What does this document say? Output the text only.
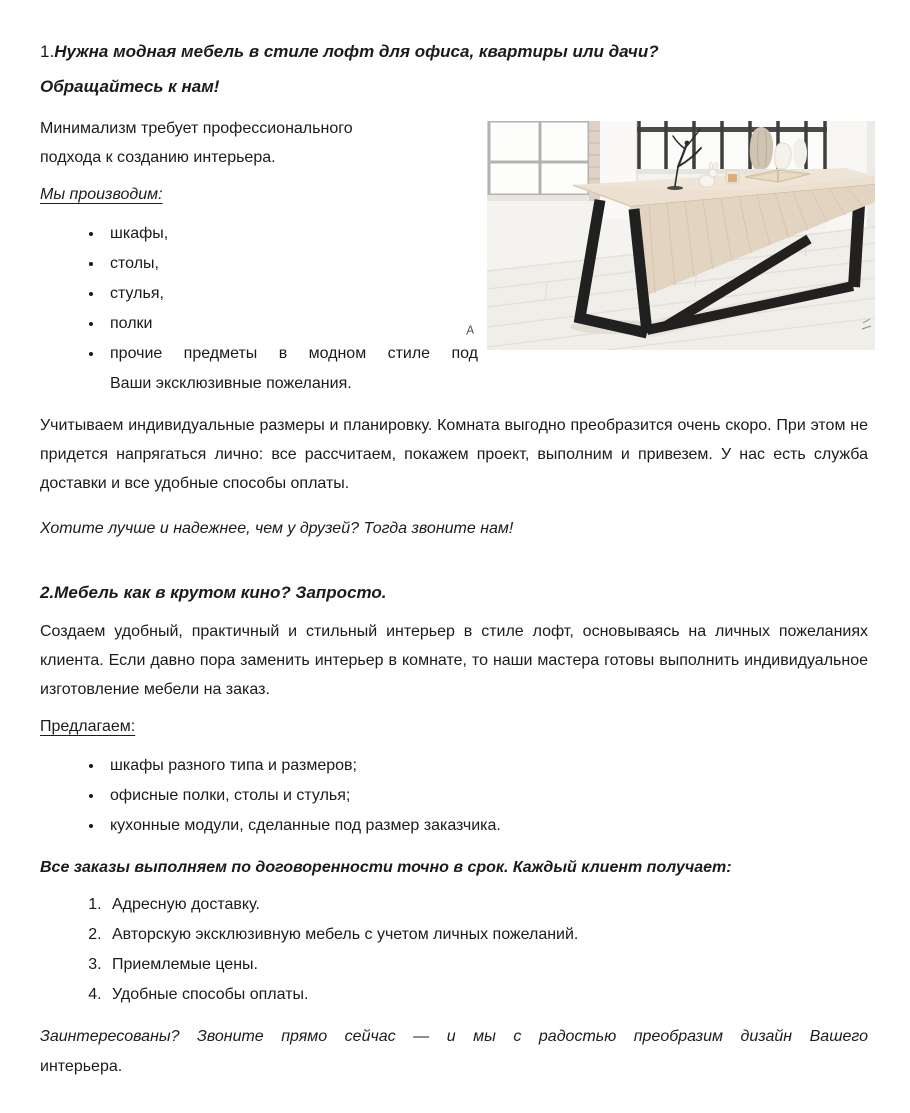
A

1.Нужна модная мебель в стиле лофт для офиса, квартиры или дачи? Обращайтесь к нам!

Минимализм требует профессионального подхода к созданию интерьера.

Мы производим:

• шкафы,
• столы,
• стулья,
• полки
• прочие предметы в модном стиле под
Ваши эксклюзивные пожелания.

Учитываем индивидуальные размеры и планировку. Комната выгодно преобразится очень скоро. При этом не придется напрягаться лично: все рассчитаем, покажем проект, выполним и привезем. У нас есть служба доставки и все удобные способы оплаты.

Хотите лучше и надежнее, чем у друзей? Тогда звоните нам!

2.Мебель как в крутом кино? Запросто.

Создаем удобный, практичный и стильный интерьер в стиле лофт, основываясь на личных пожеланиях клиента. Если давно пора заменить интерьер в комнате, то наши мастера готовы выполнить индивидуальное изготовление мебели на заказ.

Предлагаем:

• шкафы разного типа и размеров;
• офисные полки, столы и стулья;
• кухонные модули, сделанные под размер заказчика.

Все заказы выполняем по договоренности точно в срок. Каждый клиент получает:

1. Адресную доставку.
2. Авторскую эксклюзивную мебель с учетом личных пожеланий.
3. Приемлемые цены.
4. Удобные способы оплаты.
Заинтересованы? Звоните прямо сейчас — и мы с радостью преобразим дизайн Вашего
интерьера.
